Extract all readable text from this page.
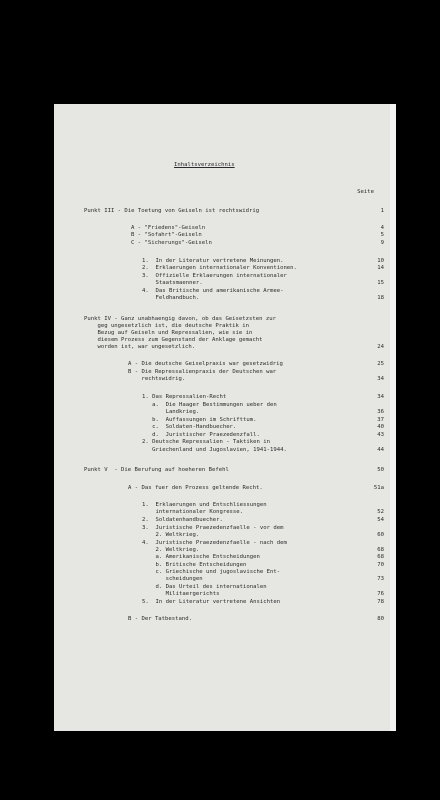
Inhaltsverzeichnis
Seite
Punkt III - Die Toetung von Geiseln ist rechtswidrig	1
A - "Friedens"-Geiseln	4
B - "Sofahrt"-Geiseln	5
C - "Sicherungs"-Geiseln	9
1.  In der Literatur vertretene Meinungen.	10
2.  Erklaerungen internationaler Konventionen.	14
3.  Offizielle Erklaerungen internationaler
Staatsmaenner.	15
4.  Das Britische und amerikanische Armee-
Feldhandbuch.	18
Punkt IV - Ganz unabhaengig davon, ob das Geisetzsten zur
geg ungesetzlich ist, die deutsche Praktik in
Bezug auf Geiseln und Repressalien, wie sie in
diesem Prozess zum Gegenstand der Anklage gemacht
worden ist, war ungesetzlich.	24
A - Die deutsche Geiselpraxis war gesetzwidrig	25
B - Die Repressalienpraxis der Deutschen war
rechtswidrig.	34
1. Das Repressalien-Recht	34
a.  Die Haager Bestimmungen ueber den
Landkrieg.	36
b.  Auffassungen im Schrifttum.	37
c.  Soldaten-Handbuecher.	40
d.  Juristischer Praezedenzfall.	43
2. Deutsche Repressalien - Taktiken in
Griechenland und Jugoslavien, 1941-1944.	44
Punkt V  - Die Berufung auf hoeheren Befehl	50
A - Das fuer den Prozess geltende Recht.	51a
1.  Erklaerungen und Entschliessungen
internationaler Kongresse.	52
2.  Soldatenhandbuecher.	54
3.  Juristische Praezedenzfaelle - vor dem
2. Weltkrieg.	60
4.  Juristische Praezedenzfaelle - nach dem
2. Weltkrieg.	68
a. Amerikanische Entscheidungen	68
b. Britische Entscheidungen	70
c. Griechische und jugoslavische Ent-
scheidungen	73
d. Das Urteil des internationalen
Militaergerichts	76
5.  In der Literatur vertretene Ansichten	78
B - Der Tatbestand.	80
